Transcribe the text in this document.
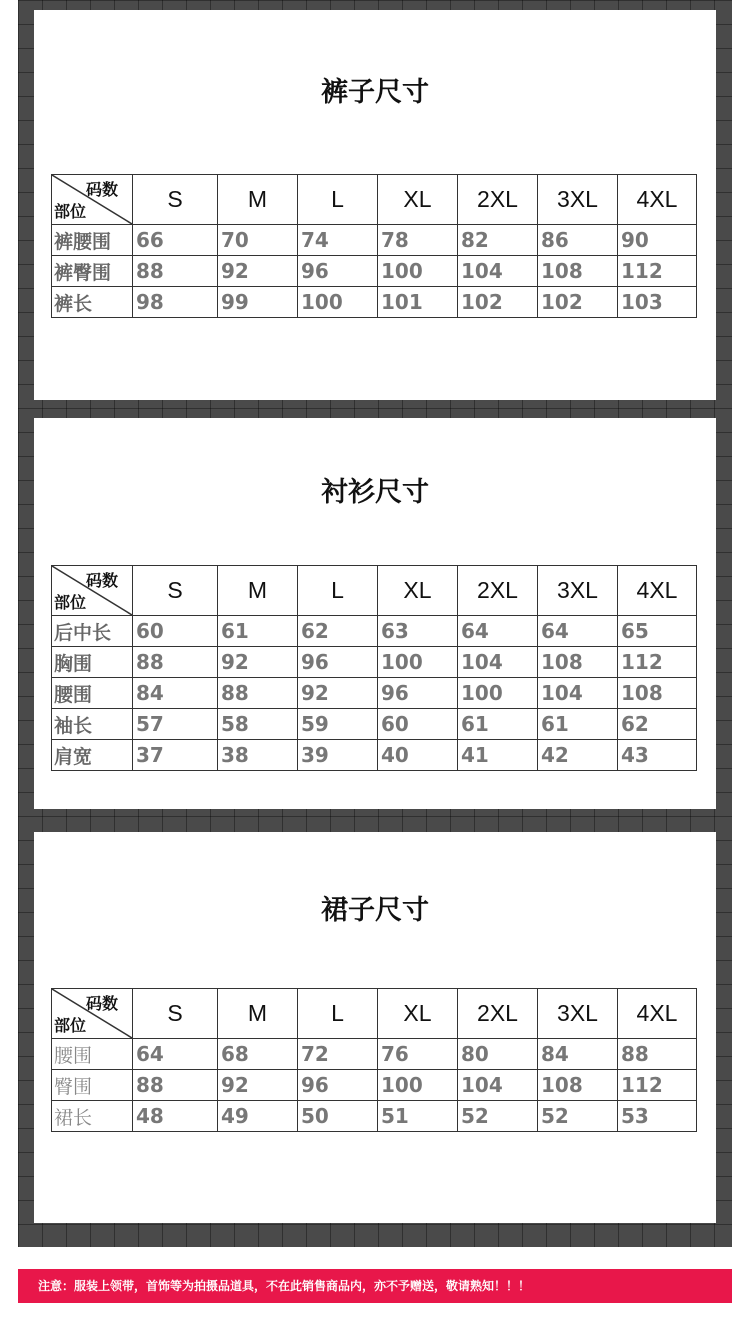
裤子尺寸
码数
部位	S	M	L	XL	2XL	3XL	4XL
裤腰围	66	70	74	78	82	86	90
裤臀围	88	92	96	100	104	108	112
裤长	98	99	100	101	102	102	103
衬衫尺寸
码数
部位	S	M	L	XL	2XL	3XL	4XL
后中长	60	61	62	63	64	64	65
胸围	88	92	96	100	104	108	112
腰围	84	88	92	96	100	104	108
袖长	57	58	59	60	61	61	62
肩宽	37	38	39	40	41	42	43
裙子尺寸
码数
部位	S	M	L	XL	2XL	3XL	4XL
腰围	64	68	72	76	80	84	88
臀围	88	92	96	100	104	108	112
裙长	48	49	50	51	52	52	53
注意：服装上领带，首饰等为拍摄品道具，不在此销售商品内，亦不予赠送，敬请熟知！！！
